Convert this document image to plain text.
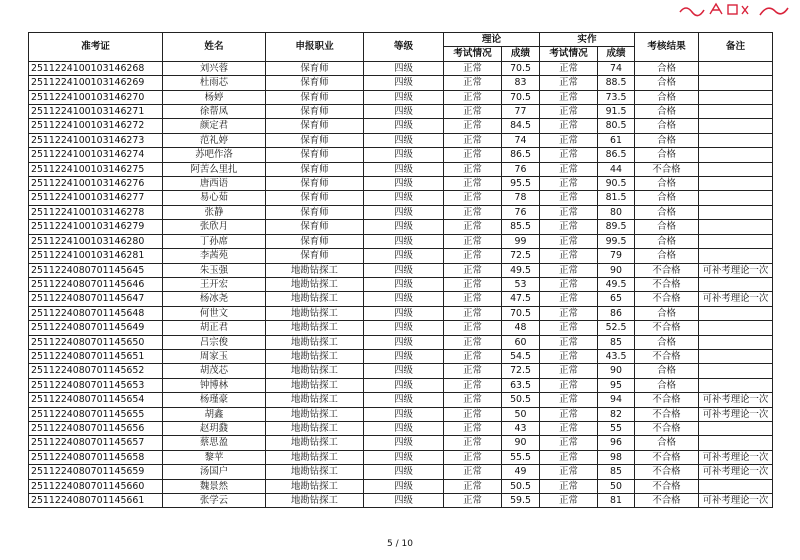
准考证	姓名	申报职业	等级	理论		实作		考核结果	备注
				考试情况	成绩	考试情况	成绩		
2511224100103146268	刘兴蓉	保育师	四级	正常	70.5	正常	74	合格	
2511224100103146269	杜雨芯	保育师	四级	正常	83	正常	88.5	合格	
2511224100103146270	杨婷	保育师	四级	正常	70.5	正常	73.5	合格	
2511224100103146271	徐帮凤	保育师	四级	正常	77	正常	91.5	合格	
2511224100103146272	颜定君	保育师	四级	正常	84.5	正常	80.5	合格	
2511224100103146273	范礼婷	保育师	四级	正常	74	正常	61	合格	
2511224100103146274	苏吧作洛	保育师	四级	正常	86.5	正常	86.5	合格	
2511224100103146275	阿苦么里扎	保育师	四级	正常	76	正常	44	不合格	
2511224100103146276	唐西语	保育师	四级	正常	95.5	正常	90.5	合格	
2511224100103146277	易心茹	保育师	四级	正常	78	正常	81.5	合格	
2511224100103146278	张静	保育师	四级	正常	76	正常	80	合格	
2511224100103146279	张欣月	保育师	四级	正常	85.5	正常	89.5	合格	
2511224100103146280	丁孙席	保育师	四级	正常	99	正常	99.5	合格	
2511224100103146281	李茜苑	保育师	四级	正常	72.5	正常	79	合格	
2511224080701145645	朱玉强	地勘钻探工	四级	正常	49.5	正常	90	不合格	可补考理论一次
2511224080701145646	王开宏	地勘钻探工	四级	正常	53	正常	49.5	不合格	
2511224080701145647	杨冰尧	地勘钻探工	四级	正常	47.5	正常	65	不合格	可补考理论一次
2511224080701145648	何世文	地勘钻探工	四级	正常	70.5	正常	86	合格	
2511224080701145649	胡正君	地勘钻探工	四级	正常	48	正常	52.5	不合格	
2511224080701145650	吕宗俊	地勘钻探工	四级	正常	60	正常	85	合格	
2511224080701145651	周家玉	地勘钻探工	四级	正常	54.5	正常	43.5	不合格	
2511224080701145652	胡茂芯	地勘钻探工	四级	正常	72.5	正常	90	合格	
2511224080701145653	钟博林	地勘钻探工	四级	正常	63.5	正常	95	合格	
2511224080701145654	杨瑾豪	地勘钻探工	四级	正常	50.5	正常	94	不合格	可补考理论一次
2511224080701145655	胡鑫	地勘钻探工	四级	正常	50	正常	82	不合格	可补考理论一次
2511224080701145656	赵玥鼗	地勘钻探工	四级	正常	43	正常	55	不合格	
2511224080701145657	蔡思盈	地勘钻探工	四级	正常	90	正常	96	合格	
2511224080701145658	黎苹	地勘钻探工	四级	正常	55.5	正常	98	不合格	可补考理论一次
2511224080701145659	汤国户	地勘钻探工	四级	正常	49	正常	85	不合格	可补考理论一次
2511224080701145660	魏景然	地勘钻探工	四级	正常	50.5	正常	50	不合格	
2511224080701145661	张学云	地勘钻探工	四级	正常	59.5	正常	81	不合格	可补考理论一次
5 / 10
